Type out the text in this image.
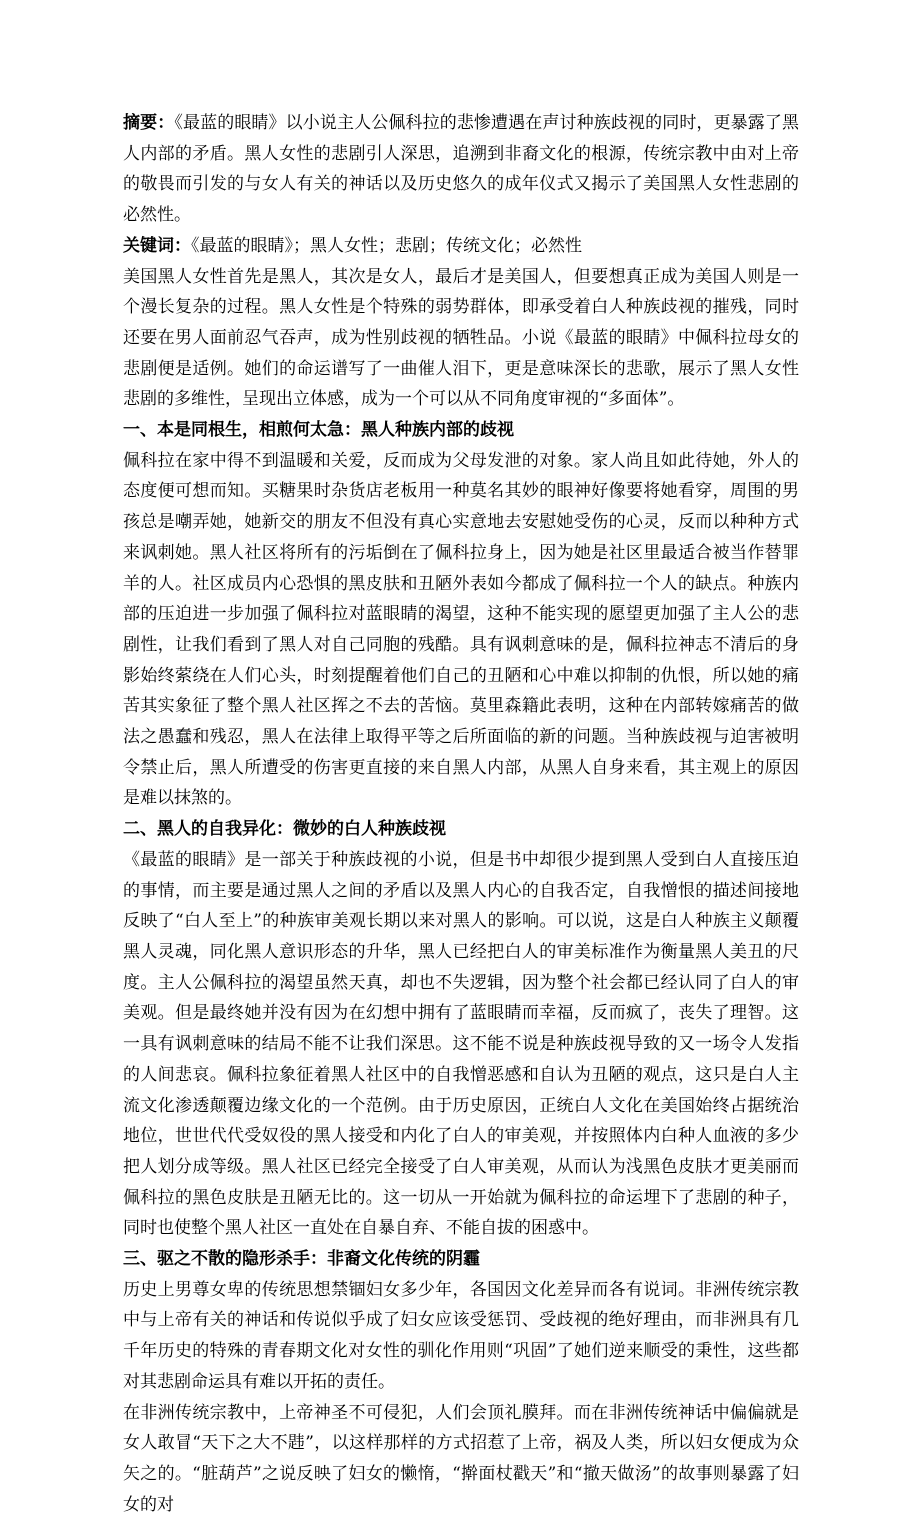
摘要：《最蓝的眼睛》以小说主人公佩科拉的悲惨遭遇在声讨种族歧视的同时，更暴露了黑人内部的矛盾。黑人女性的悲剧引人深思，追溯到非裔文化的根源，传统宗教中由对上帝的敬畏而引发的与女人有关的神话以及历史悠久的成年仪式又揭示了美国黑人女性悲剧的必然性。

关键词：《最蓝的眼睛》；黑人女性；悲剧；传统文化；必然性

美国黑人女性首先是黑人，其次是女人，最后才是美国人，但要想真正成为美国人则是一个漫长复杂的过程。黑人女性是个特殊的弱势群体，即承受着白人种族歧视的摧残，同时还要在男人面前忍气吞声，成为性别歧视的牺牲品。小说《最蓝的眼睛》中佩科拉母女的悲剧便是适例。她们的命运谱写了一曲催人泪下，更是意味深长的悲歌，展示了黑人女性悲剧的多维性，呈现出立体感，成为一个可以从不同角度审视的“多面体”。

一、本是同根生，相煎何太急：黑人种族内部的歧视

佩科拉在家中得不到温暖和关爱，反而成为父母发泄的对象。家人尚且如此待她，外人的态度便可想而知。买糖果时杂货店老板用一种莫名其妙的眼神好像要将她看穿，周围的男孩总是嘲弄她，她新交的朋友不但没有真心实意地去安慰她受伤的心灵，反而以种种方式来讽刺她。黑人社区将所有的污垢倒在了佩科拉身上，因为她是社区里最适合被当作替罪羊的人。社区成员内心恐惧的黑皮肤和丑陋外表如今都成了佩科拉一个人的缺点。种族内部的压迫进一步加强了佩科拉对蓝眼睛的渴望，这种不能实现的愿望更加强了主人公的悲剧性，让我们看到了黑人对自己同胞的残酷。具有讽刺意味的是，佩科拉神志不清后的身影始终萦绕在人们心头，时刻提醒着他们自己的丑陋和心中难以抑制的仇恨，所以她的痛苦其实象征了整个黑人社区挥之不去的苦恼。莫里森籍此表明，这种在内部转嫁痛苦的做法之愚蠢和残忍，黑人在法律上取得平等之后所面临的新的问题。当种族歧视与迫害被明令禁止后，黑人所遭受的伤害更直接的来自黑人内部，从黑人自身来看，其主观上的原因是难以抹煞的。

二、黑人的自我异化：微妙的白人种族歧视

《最蓝的眼睛》是一部关于种族歧视的小说，但是书中却很少提到黑人受到白人直接压迫的事情，而主要是通过黑人之间的矛盾以及黑人内心的自我否定，自我憎恨的描述间接地反映了“白人至上”的种族审美观长期以来对黑人的影响。可以说，这是白人种族主义颠覆黑人灵魂，同化黑人意识形态的升华，黑人已经把白人的审美标准作为衡量黑人美丑的尺度。主人公佩科拉的渴望虽然天真，却也不失逻辑，因为整个社会都已经认同了白人的审美观。但是最终她并没有因为在幻想中拥有了蓝眼睛而幸福，反而疯了，丧失了理智。这一具有讽刺意味的结局不能不让我们深思。这不能不说是种族歧视导致的又一场令人发指的人间悲哀。佩科拉象征着黑人社区中的自我憎恶感和自认为丑陋的观点，这只是白人主流文化渗透颠覆边缘文化的一个范例。由于历史原因，正统白人文化在美国始终占据统治地位，世世代代受奴役的黑人接受和内化了白人的审美观，并按照体内白种人血液的多少把人划分成等级。黑人社区已经完全接受了白人审美观，从而认为浅黑色皮肤才更美丽而佩科拉的黑色皮肤是丑陋无比的。这一切从一开始就为佩科拉的命运埋下了悲剧的种子，同时也使整个黑人社区一直处在自暴自弃、不能自拔的困惑中。

三、驱之不散的隐形杀手：非裔文化传统的阴霾

历史上男尊女卑的传统思想禁锢妇女多少年，各国因文化差异而各有说词。非洲传统宗教中与上帝有关的神话和传说似乎成了妇女应该受惩罚、受歧视的绝好理由，而非洲具有几千年历史的特殊的青春期文化对女性的驯化作用则“巩固”了她们逆来顺受的秉性，这些都对其悲剧命运具有难以开拓的责任。

在非洲传统宗教中，上帝神圣不可侵犯，人们会顶礼膜拜。而在非洲传统神话中偏偏就是女人敢冒“天下之大不韪”，以这样那样的方式招惹了上帝，祸及人类，所以妇女便成为众矢之的。“脏葫芦”之说反映了妇女的懒惰，“擀面杖戳天”和“撤天做汤”的故事则暴露了妇女的对
